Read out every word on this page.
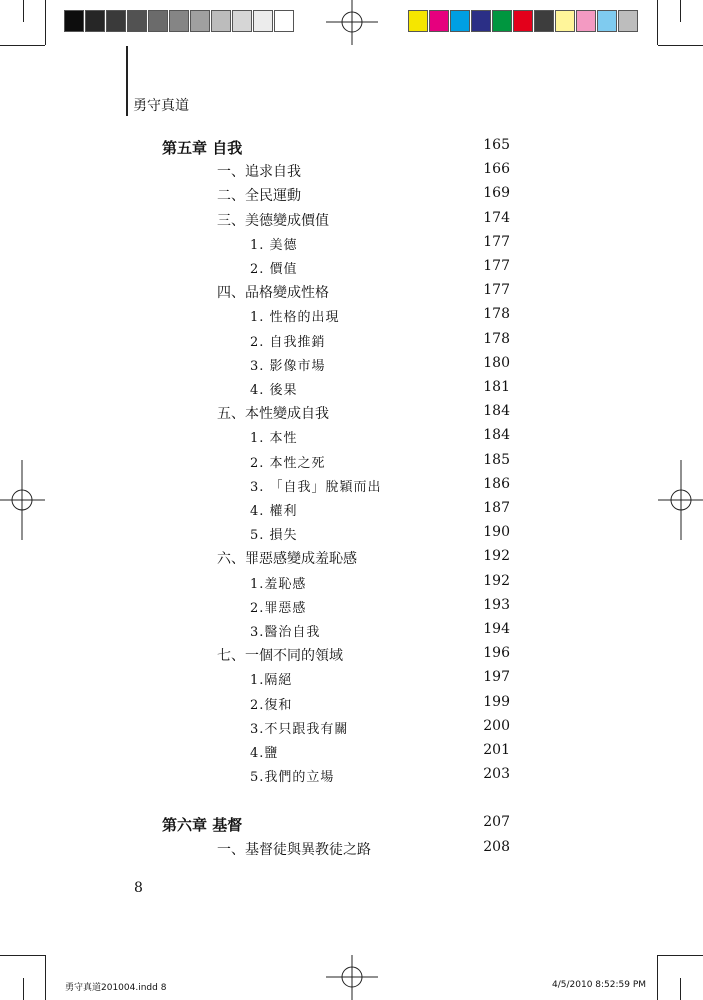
勇守真道
第五章 自我	165
一、追求自我	166
二、全民運動	169
三、美德變成價值	174
1. 美德	177
2. 價值	177
四、品格變成性格	177
1. 性格的出現	178
2. 自我推銷	178
3. 影像市場	180
4. 後果	181
五、本性變成自我	184
1. 本性	184
2. 本性之死	185
3. 「自我」脫穎而出	186
4. 權利	187
5. 損失	190
六、罪惡感變成羞恥感	192
1.羞恥感	192
2.罪惡感	193
3.醫治自我	194
七、一個不同的領域	196
1.隔絕	197
2.復和	199
3.不只跟我有關	200
4.鹽	201
5.我們的立場	203
第六章 基督	207
一、基督徒與異教徒之路	208
8
勇守真道201004.indd 8	4/5/2010 8:52:59 PM
